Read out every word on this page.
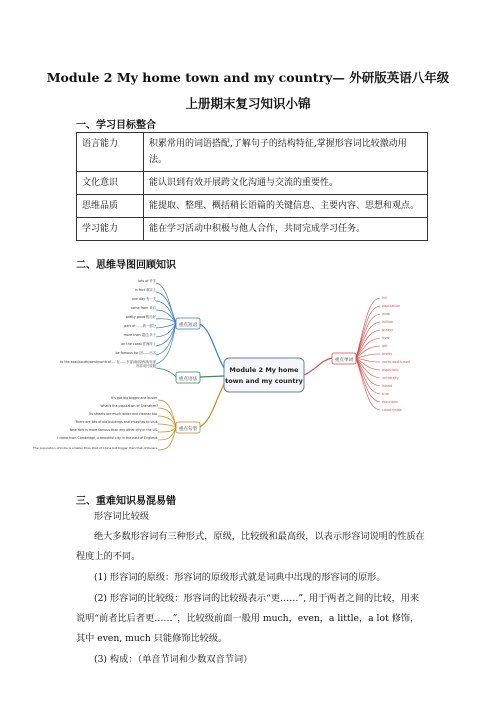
Module 2 My home town and my country— 外研版英语八年级
上册期末复习知识小锦
一、学习目标整合
语言能力	积累常用的词语搭配,了解句子的结构特征,掌握形容词比较激动用法。
文化意识	能认识到有效开展跨文化沟通与交流的重要性。
思维品质	能提取、整理、概括稍长语篇的关键信息、主要内容、思想和观点。
学习能力	能在学习活动中积极与他人合作，共同完成学习任务。
二、思维导图回顾知识
Module 2 My home
town and my country
重点短语
lots of 许多
in fact 事实上
one day 有一天
come from 来自
pretty good 相当好
part of ……的一部分
more than 超过;多于
on the coast 在海岸上
be famous for 因……出名
to the east/south/west/north of ... 在……东部/南部/西部/北部
重点语法
形容词比较级
重点句型
It's got big bigger and busier.
What's the population of Shenzhen?
Its streets are much wider and cleaner too.
There are lots of old buildings and churches to visit.
New York is more famous than any other city in the US.
I come from Cambridge, a beautiful city in the east of England.
The population of India is smaller than that of China but bigger than that of Russia.
重点单词
hill
population
wide
million
grassy
river
get
pretty
north-south-east
especially
university
island
true
mountain
countryside
三、重难知识易混易错
形容词比较级
绝大多数形容词有三种形式，原级，比较级和最高级，以表示形容词说明的性质在程度上的不同。
(1) 形容词的原级：形容词的原级形式就是词典中出现的形容词的原形。
(2) 形容词的比较级：形容词的比较级表示“更……”, 用于两者之间的比较，用来说明“前者比后者更……”，比较级前面一般用 much，even，a little，a lot 修饰，其中 even, much 只能修饰比较级。
(3) 构成：（单音节词和少数双音节词）
